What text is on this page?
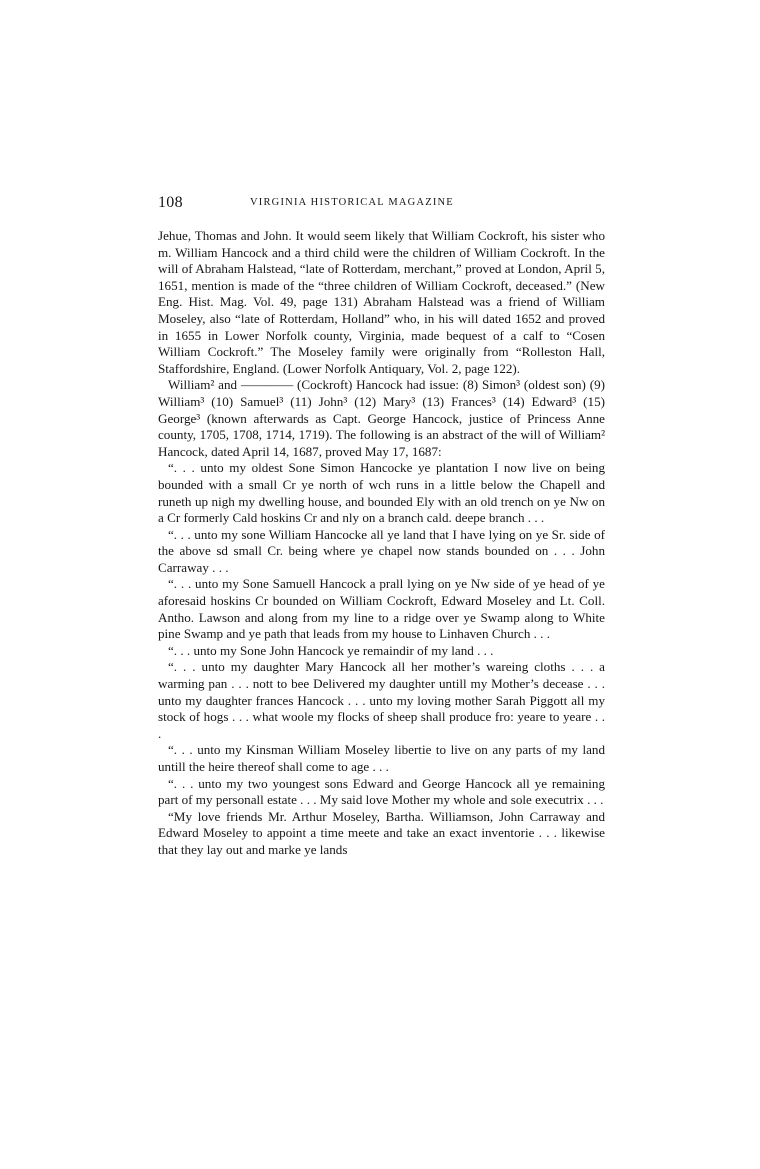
108	VIRGINIA HISTORICAL MAGAZINE

Jehue, Thomas and John. It would seem likely that William Cockroft, his sister who m. William Hancock and a third child were the children of William Cockroft. In the will of Abraham Halstead, “late of Rotterdam, merchant,” proved at London, April 5, 1651, mention is made of the “three children of William Cockroft, deceased.” (New Eng. Hist. Mag. Vol. 49, page 131) Abraham Halstead was a friend of William Moseley, also “late of Rotterdam, Holland” who, in his will dated 1652 and proved in 1655 in Lower Norfolk county, Virginia, made bequest of a calf to “Cosen William Cockroft.” The Moseley family were originally from “Rolleston Hall, Staffordshire, England. (Lower Norfolk Antiquary, Vol. 2, page 122).

William² and ———— (Cockroft) Hancock had issue: (8) Simon³ (oldest son) (9) William³ (10) Samuel³ (11) John³ (12) Mary³ (13) Frances³ (14) Edward³ (15) George³ (known afterwards as Capt. George Hancock, justice of Princess Anne county, 1705, 1708, 1714, 1719). The following is an abstract of the will of William² Hancock, dated April 14, 1687, proved May 17, 1687:

“. . . unto my oldest Sone Simon Hancocke ye plantation I now live on being bounded with a small Cr ye north of wch runs in a little below the Chapell and runeth up nigh my dwelling house, and bounded Ely with an old trench on ye Nw on a Cr formerly Cald hoskins Cr and nly on a branch cald. deepe branch . . .

“. . . unto my sone William Hancocke all ye land that I have lying on ye Sr. side of the above sd small Cr. being where ye chapel now stands bounded on . . . John Carraway . . .

“. . . unto my Sone Samuell Hancock a prall lying on ye Nw side of ye head of ye aforesaid hoskins Cr bounded on William Cockroft, Edward Moseley and Lt. Coll. Antho. Lawson and along from my line to a ridge over ye Swamp along to White pine Swamp and ye path that leads from my house to Linhaven Church . . .

“. . . unto my Sone John Hancock ye remaindir of my land . . .

“. . . unto my daughter Mary Hancock all her mother’s wareing cloths . . . a warming pan . . . nott to bee Delivered my daughter untill my Mother’s decease . . . unto my daughter frances Hancock . . . unto my loving mother Sarah Piggott all my stock of hogs . . . what woole my flocks of sheep shall produce fro: yeare to yeare . . .

“. . . unto my Kinsman William Moseley libertie to live on any parts of my land untill the heire thereof shall come to age . . .

“. . . unto my two youngest sons Edward and George Hancock all ye remaining part of my personall estate . . . My said love Mother my whole and sole executrix . . .

“My love friends Mr. Arthur Moseley, Bartha. Williamson, John Carraway and Edward Moseley to appoint a time meete and take an exact inventorie . . . likewise that they lay out and marke ye lands
